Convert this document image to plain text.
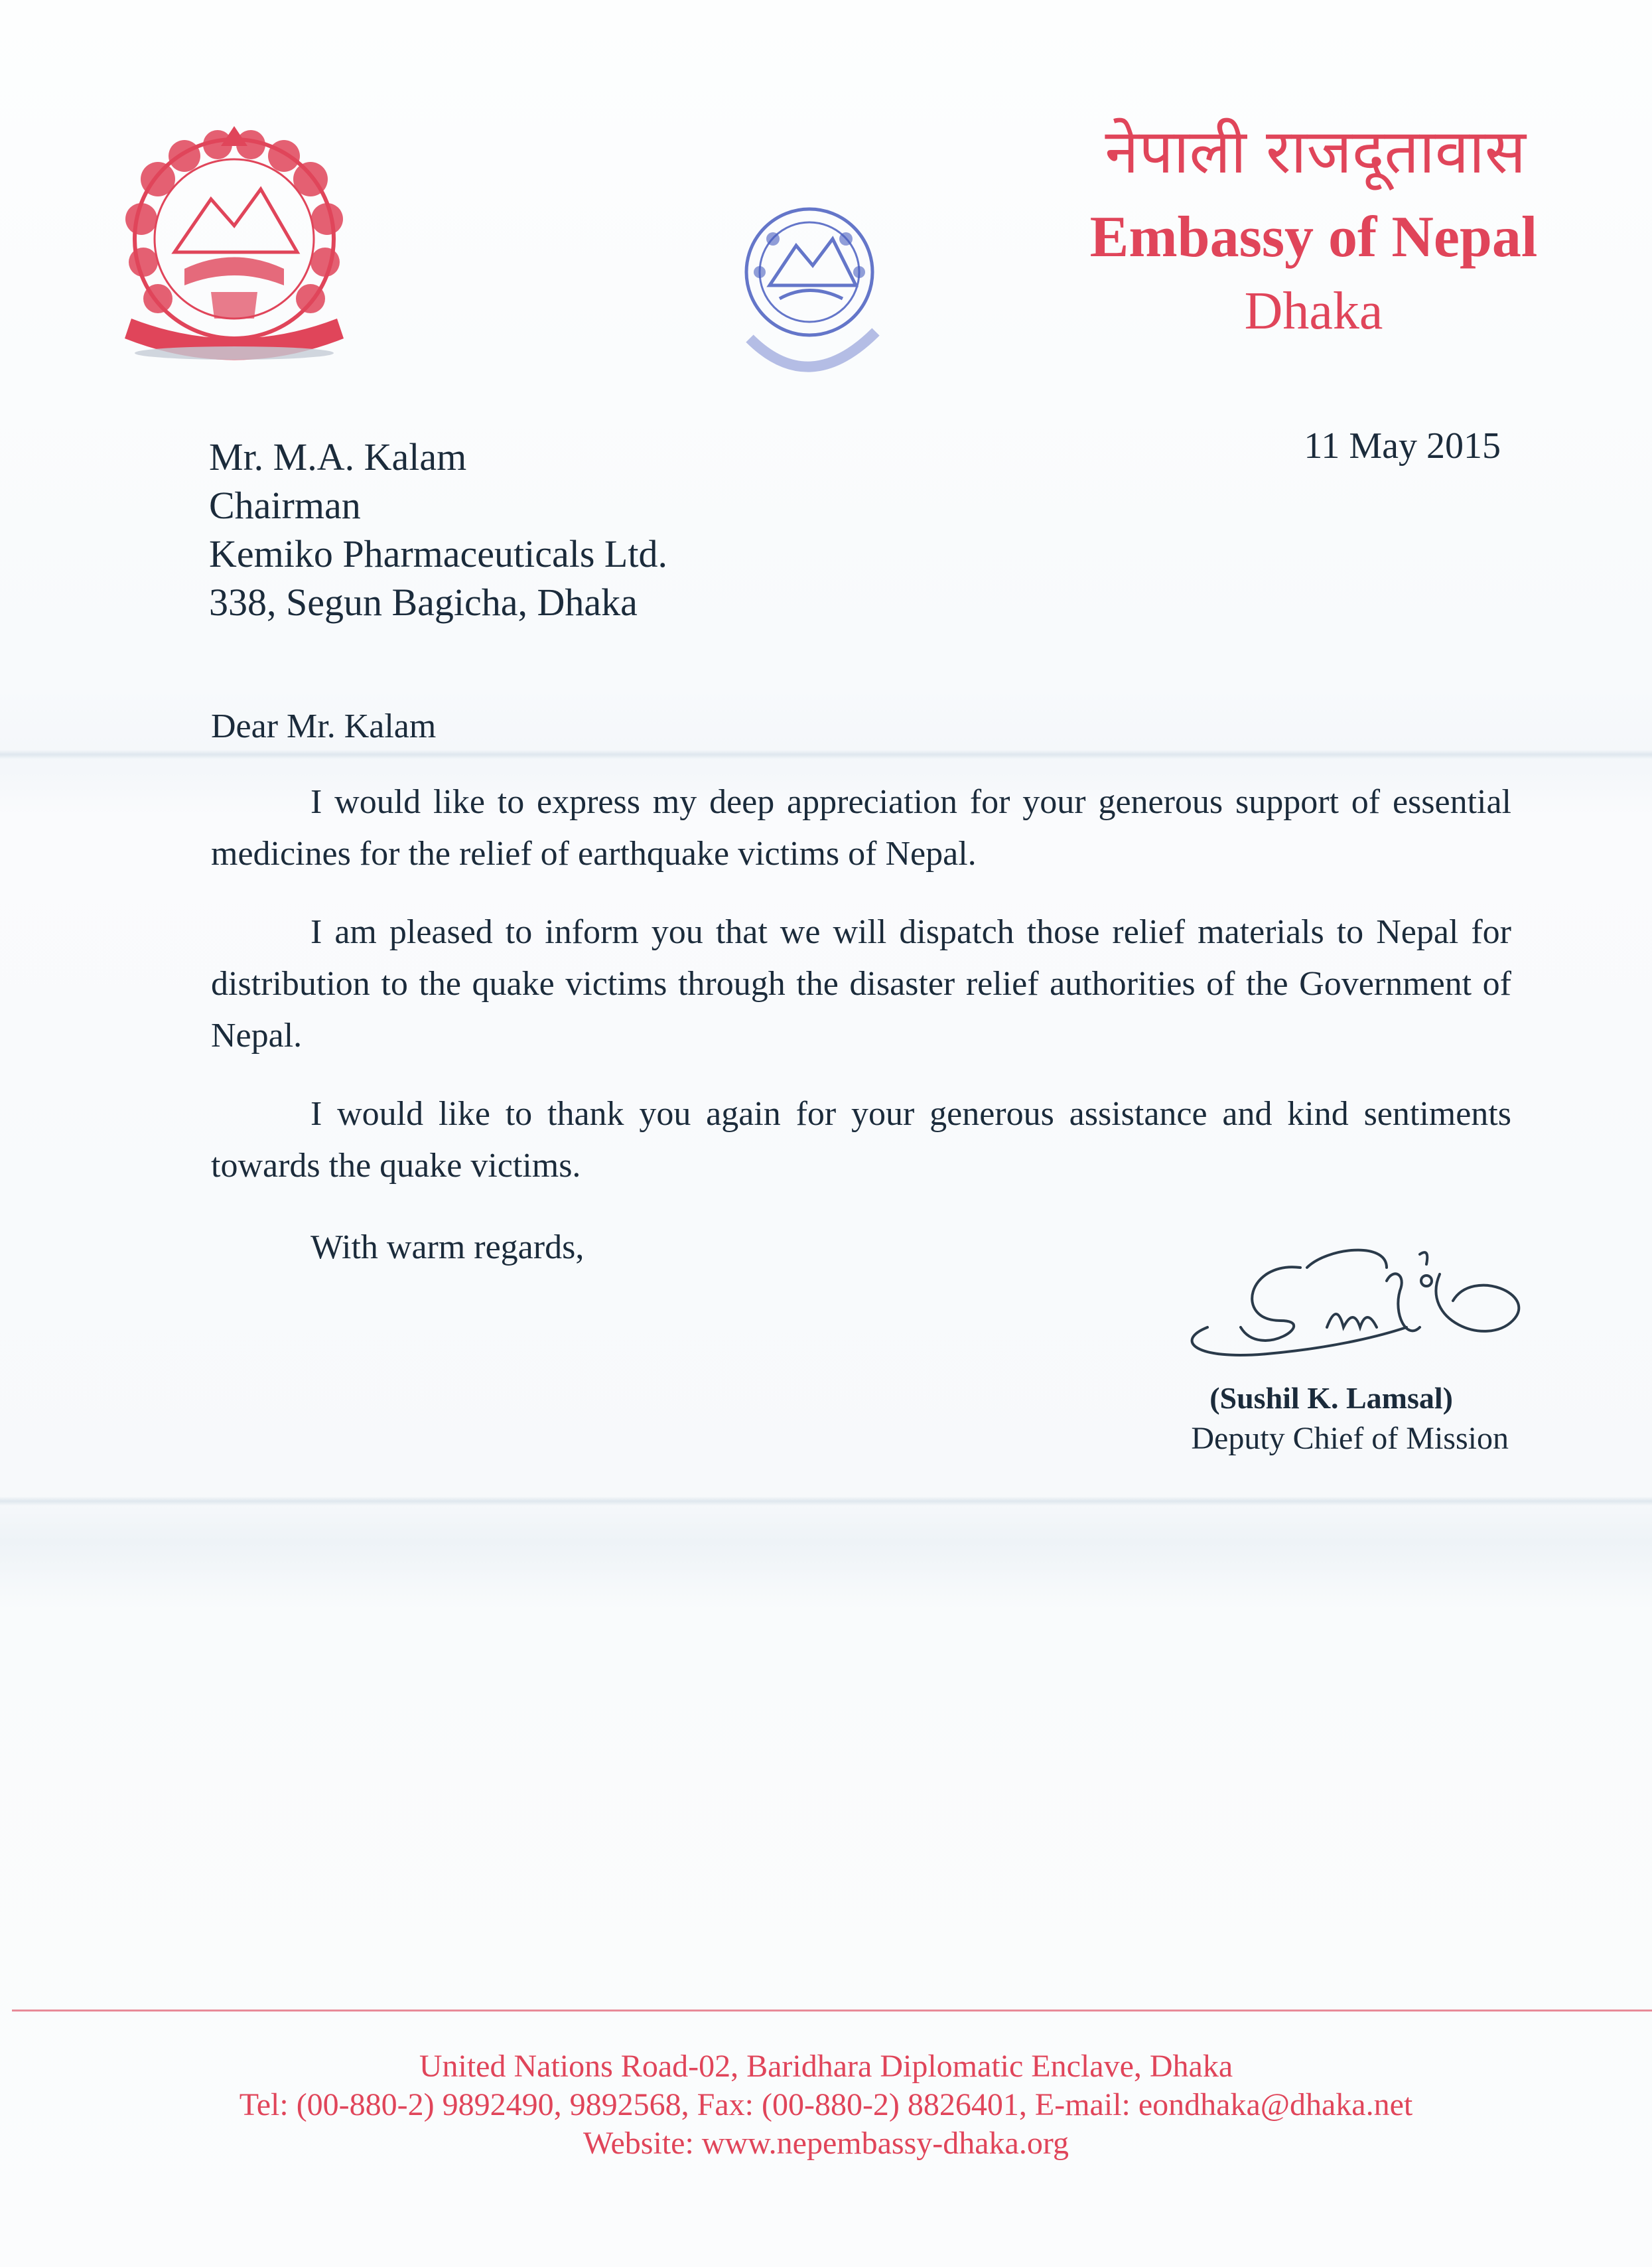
नेपाली राजदूतावास
Embassy of Nepal
Dhaka
11 May 2015
Mr. M.A. Kalam
Chairman
Kemiko Pharmaceuticals Ltd.
338, Segun Bagicha, Dhaka
Dear Mr. Kalam

I would like to express my deep appreciation for your generous support of essential medicines for the relief of earthquake victims of Nepal.

I am pleased to inform you that we will dispatch those relief materials to Nepal for distribution to the quake victims through the disaster relief authorities of the Government of Nepal.

I would like to thank you again for your generous assistance and kind sentiments towards the quake victims.

With warm regards,
(Sushil K. Lamsal)
Deputy Chief of Mission
United Nations Road-02, Baridhara Diplomatic Enclave, Dhaka
Tel: (00-880-2) 9892490, 9892568, Fax: (00-880-2) 8826401, E-mail: eondhaka@dhaka.net
Website: www.nepembassy-dhaka.org
